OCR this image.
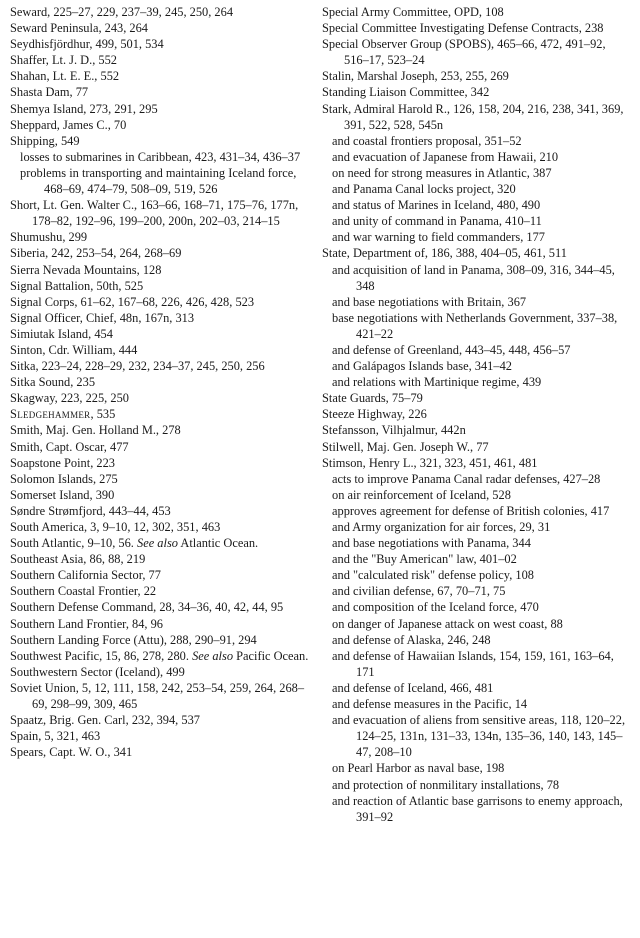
Seward, 225–27, 229, 237–39, 245, 250, 264

Seward Peninsula, 243, 264

Seydhisfjördhur, 499, 501, 534

Shaffer, Lt. J. D., 552

Shahan, Lt. E. E., 552

Shasta Dam, 77

Shemya Island, 273, 291, 295

Sheppard, James C., 70

Shipping, 549

losses to submarines in Caribbean, 423, 431–34, 436–37

problems in transporting and maintaining Iceland force, 468–69, 474–79, 508–09, 519, 526

Short, Lt. Gen. Walter C., 163–66, 168–71, 175–76, 177n, 178–82, 192–96, 199–200, 200n, 202–03, 214–15

Shumushu, 299

Siberia, 242, 253–54, 264, 268–69

Sierra Nevada Mountains, 128

Signal Battalion, 50th, 525

Signal Corps, 61–62, 167–68, 226, 426, 428, 523

Signal Officer, Chief, 48n, 167n, 313

Simiutak Island, 454

Sinton, Cdr. William, 444

Sitka, 223–24, 228–29, 232, 234–37, 245, 250, 256

Sitka Sound, 235

Skagway, 223, 225, 250

Sledgehammer, 535

Smith, Maj. Gen. Holland M., 278

Smith, Capt. Oscar, 477

Soapstone Point, 223

Solomon Islands, 275

Somerset Island, 390

Søndre Strømfjord, 443–44, 453

South America, 3, 9–10, 12, 302, 351, 463

South Atlantic, 9–10, 56. See also Atlantic Ocean.

Southeast Asia, 86, 88, 219

Southern California Sector, 77

Southern Coastal Frontier, 22

Southern Defense Command, 28, 34–36, 40, 42, 44, 95

Southern Land Frontier, 84, 96

Southern Landing Force (Attu), 288, 290–91, 294

Southwest Pacific, 15, 86, 278, 280. See also Pacific Ocean.

Southwestern Sector (Iceland), 499

Soviet Union, 5, 12, 111, 158, 242, 253–54, 259, 264, 268–69, 298–99, 309, 465

Spaatz, Brig. Gen. Carl, 232, 394, 537

Spain, 5, 321, 463

Spears, Capt. W. O., 341

Special Army Committee, OPD, 108

Special Committee Investigating Defense Contracts, 238

Special Observer Group (SPOBS), 465–66, 472, 491–92, 516–17, 523–24

Stalin, Marshal Joseph, 253, 255, 269

Standing Liaison Committee, 342

Stark, Admiral Harold R., 126, 158, 204, 216, 238, 341, 369, 391, 522, 528, 545n

and coastal frontiers proposal, 351–52

and evacuation of Japanese from Hawaii, 210

on need for strong measures in Atlantic, 387

and Panama Canal locks project, 320

and status of Marines in Iceland, 480, 490

and unity of command in Panama, 410–11

and war warning to field commanders, 177

State, Department of, 186, 388, 404–05, 461, 511

and acquisition of land in Panama, 308–09, 316, 344–45, 348

and base negotiations with Britain, 367

base negotiations with Netherlands Government, 337–38, 421–22

and defense of Greenland, 443–45, 448, 456–57

and Galápagos Islands base, 341–42

and relations with Martinique regime, 439

State Guards, 75–79

Steeze Highway, 226

Stefansson, Vilhjalmur, 442n

Stilwell, Maj. Gen. Joseph W., 77

Stimson, Henry L., 321, 323, 451, 461, 481

acts to improve Panama Canal radar defenses, 427–28

on air reinforcement of Iceland, 528

approves agreement for defense of British colonies, 417

and Army organization for air forces, 29, 31

and base negotiations with Panama, 344

and the "Buy American" law, 401–02

and "calculated risk" defense policy, 108

and civilian defense, 67, 70–71, 75

and composition of the Iceland force, 470

on danger of Japanese attack on west coast, 88

and defense of Alaska, 246, 248

and defense of Hawaiian Islands, 154, 159, 161, 163–64, 171

and defense of Iceland, 466, 481

and defense measures in the Pacific, 14

and evacuation of aliens from sensitive areas, 118, 120–22, 124–25, 131n, 131–33, 134n, 135–36, 140, 143, 145–47, 208–10

on Pearl Harbor as naval base, 198

and protection of nonmilitary installations, 78

and reaction of Atlantic base garrisons to enemy approach, 391–92
